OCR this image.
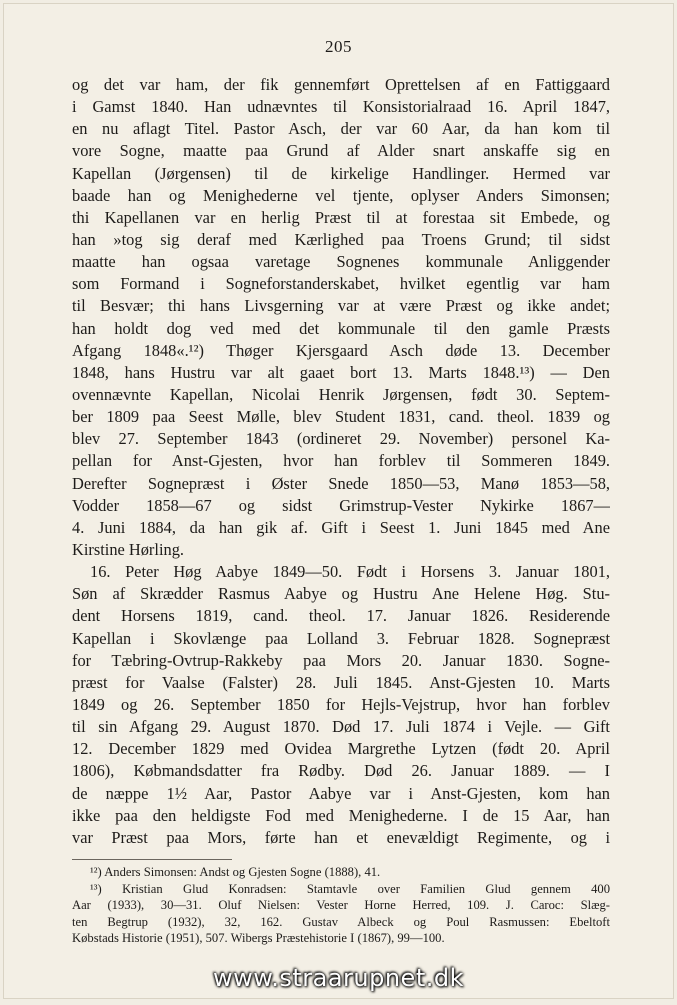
205
og det var ham, der fik gennemført Oprettelsen af en Fattiggaard
i Gamst 1840. Han udnævntes til Konsistorialraad 16. April 1847,
en nu aflagt Titel. Pastor Asch, der var 60 Aar, da han kom til
vore Sogne, maatte paa Grund af Alder snart anskaffe sig en
Kapellan (Jørgensen) til de kirkelige Handlinger. Hermed var
baade han og Menighederne vel tjente, oplyser Anders Simonsen;
thi Kapellanen var en herlig Præst til at forestaa sit Embede, og
han »tog sig deraf med Kærlighed paa Troens Grund; til sidst
maatte han ogsaa varetage Sognenes kommunale Anliggender
som Formand i Sogneforstanderskabet, hvilket egentlig var ham
til Besvær; thi hans Livsgerning var at være Præst og ikke andet;
han holdt dog ved med det kommunale til den gamle Præsts
Afgang 1848«.¹²) Thøger Kjersgaard Asch døde 13. December
1848, hans Hustru var alt gaaet bort 13. Marts 1848.¹³) — Den
ovennævnte Kapellan, Nicolai Henrik Jørgensen, født 30. Septem-
ber 1809 paa Seest Mølle, blev Student 1831, cand. theol. 1839 og
blev 27. September 1843 (ordineret 29. November) personel Ka-
pellan for Anst-Gjesten, hvor han forblev til Sommeren 1849.
Derefter Sognepræst i Øster Snede 1850—53, Manø 1853—58,
Vodder 1858—67 og sidst Grimstrup-Vester Nykirke 1867—
4. Juni 1884, da han gik af. Gift i Seest 1. Juni 1845 med Ane
Kirstine Hørling.
16. Peter Høg Aabye 1849—50. Født i Horsens 3. Januar 1801,
Søn af Skrædder Rasmus Aabye og Hustru Ane Helene Høg. Stu-
dent Horsens 1819, cand. theol. 17. Januar 1826. Residerende
Kapellan i Skovlænge paa Lolland 3. Februar 1828. Sognepræst
for Tæbring-Ovtrup-Rakkeby paa Mors 20. Januar 1830. Sogne-
præst for Vaalse (Falster) 28. Juli 1845. Anst-Gjesten 10. Marts
1849 og 26. September 1850 for Hejls-Vejstrup, hvor han forblev
til sin Afgang 29. August 1870. Død 17. Juli 1874 i Vejle. — Gift
12. December 1829 med Ovidea Margrethe Lytzen (født 20. April
1806), Købmandsdatter fra Rødby. Død 26. Januar 1889. — I
de næppe 1½ Aar, Pastor Aabye var i Anst-Gjesten, kom han
ikke paa den heldigste Fod med Menighederne. I de 15 Aar, han
var Præst paa Mors, førte han et enevældigt Regimente, og i
¹²) Anders Simonsen: Andst og Gjesten Sogne (1888), 41.
¹³) Kristian Glud Konradsen: Stamtavle over Familien Glud gennem 400
Aar (1933), 30—31. Oluf Nielsen: Vester Horne Herred, 109. J. Caroc: Slæg-
ten Begtrup (1932), 32, 162. Gustav Albeck og Poul Rasmussen: Ebeltoft
Købstads Historie (1951), 507. Wibergs Præstehistorie I (1867), 99—100.
www.straarupnet.dk
